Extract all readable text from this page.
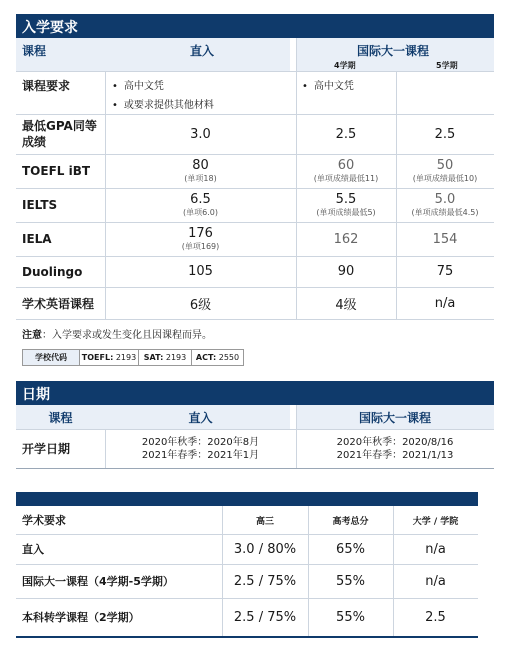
入学要求
课程	直入	国际大一课程
4学期	5学期
课程要求
•	高中文凭
• 或要求提供其他材料
• 高中文凭
最低GPA同等
成绩
3.0	2.5	2.5
TOEFL iBT	80
(单项18)
60
(单项成绩最低11)
50
(单项成绩最低10)
IELTS	6.5
(单项6.0)
5.5
(单项成绩最低5)
5.0
(单项成绩最低4.5)
IELA	176
(单项169)	162	154
Duolingo	105	90	75
学术英语课程	6级	4级	n/a
注意：入学要求或发生变化且因课程而异。
学校代码 TOEFL:
2193 SAT:
2193 ACT:
2550
日期
课程	直入	国际大一课程
开学日期	2020年秋季：2020年8月
2021年春季：2021年1月
2020年秋季：2020/8/16
2021年春季：2021/1/13
学术要求	高三	高考总分	大学 / 学院
直入	3.0 / 80%	65%	n/a
国际大一课程（4学期-5学期）	2.5 / 75%	55%	n/a
本科转学课程（2学期）	2.5 / 75%	55%	2.5
